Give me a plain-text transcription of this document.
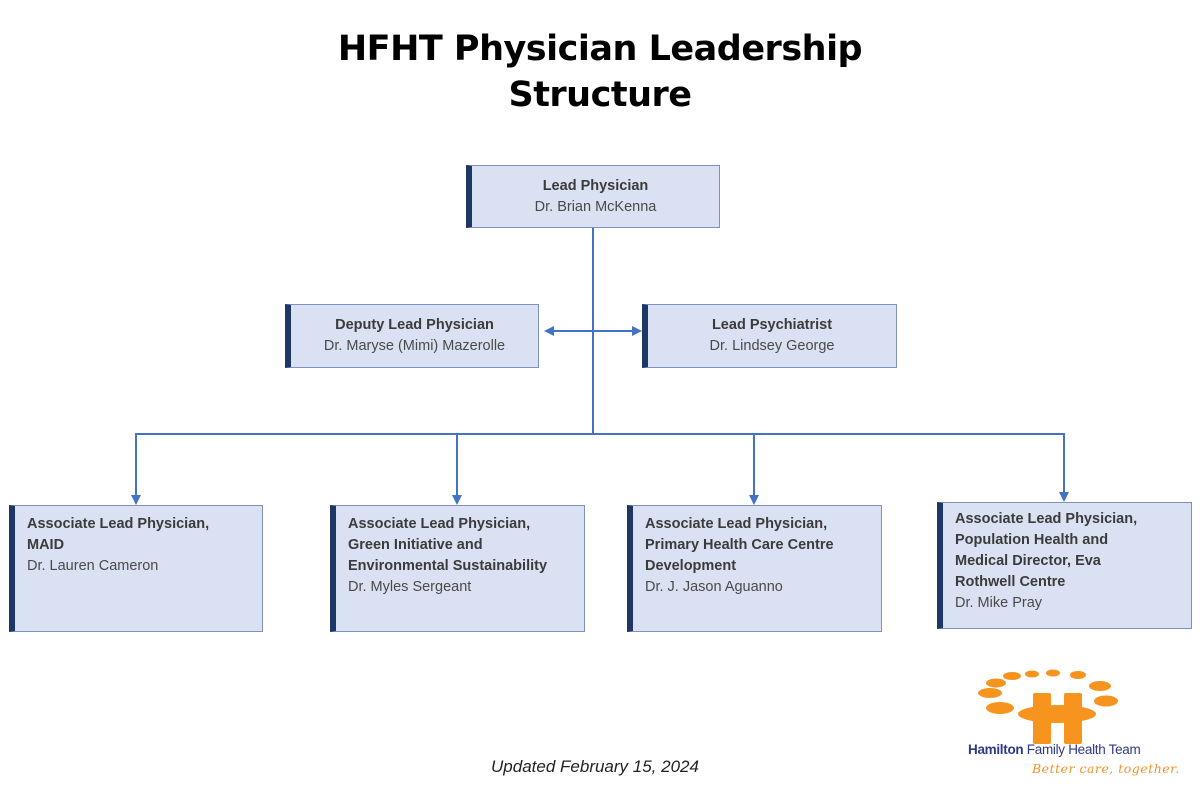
HFHT Physician Leadership
Structure
Lead Physician
Dr. Brian McKenna
Deputy Lead Physician
Dr. Maryse (Mimi) Mazerolle
Lead Psychiatrist
Dr. Lindsey George
Associate Lead Physician,
MAID
Dr. Lauren Cameron
Associate Lead Physician,
Green Initiative and
Environmental Sustainability
Dr. Myles Sergeant
Associate Lead Physician,
Primary Health Care Centre
Development
Dr. J. Jason Aguanno
Associate Lead Physician,
Population Health and
Medical Director, Eva
Rothwell Centre
Dr. Mike Pray
Updated February 15, 2024
Hamilton Family Health Team
Better care, together.
